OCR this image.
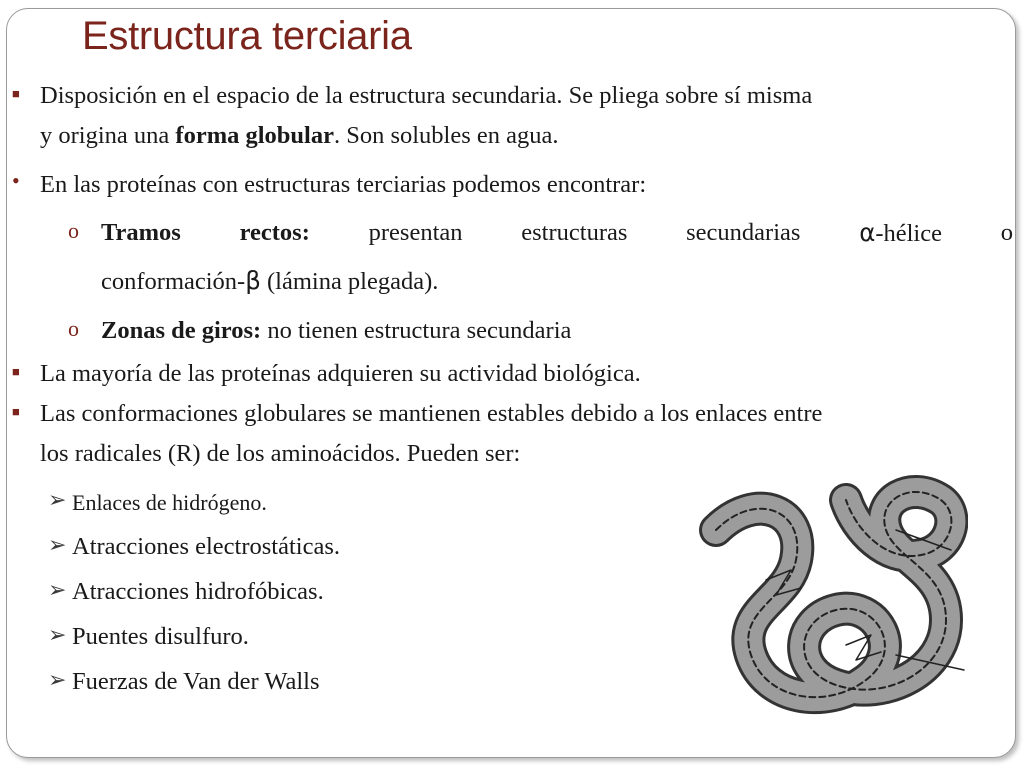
Estructura terciaria
■ Disposición en el espacio de la estructura secundaria. Se pliega sobre sí misma
y origina una forma globular. Son solubles en agua.
• En las proteínas con estructuras terciarias podemos encontrar:
o Tramos rectos: presentan estructuras secundarias α-hélice o
conformación-β (lámina plegada).
o Zonas de giros: no tienen estructura secundaria
■ La mayoría de las proteínas adquieren su actividad biológica.
■ Las conformaciones globulares se mantienen estables debido a los enlaces entre
los radicales (R) de los aminoácidos. Pueden ser:
➢ Enlaces de hidrógeno.
➢ Atracciones electrostáticas.
➢ Atracciones hidrofóbicas.
➢ Puentes disulfuro.
➢ Fuerzas de Van der Walls
